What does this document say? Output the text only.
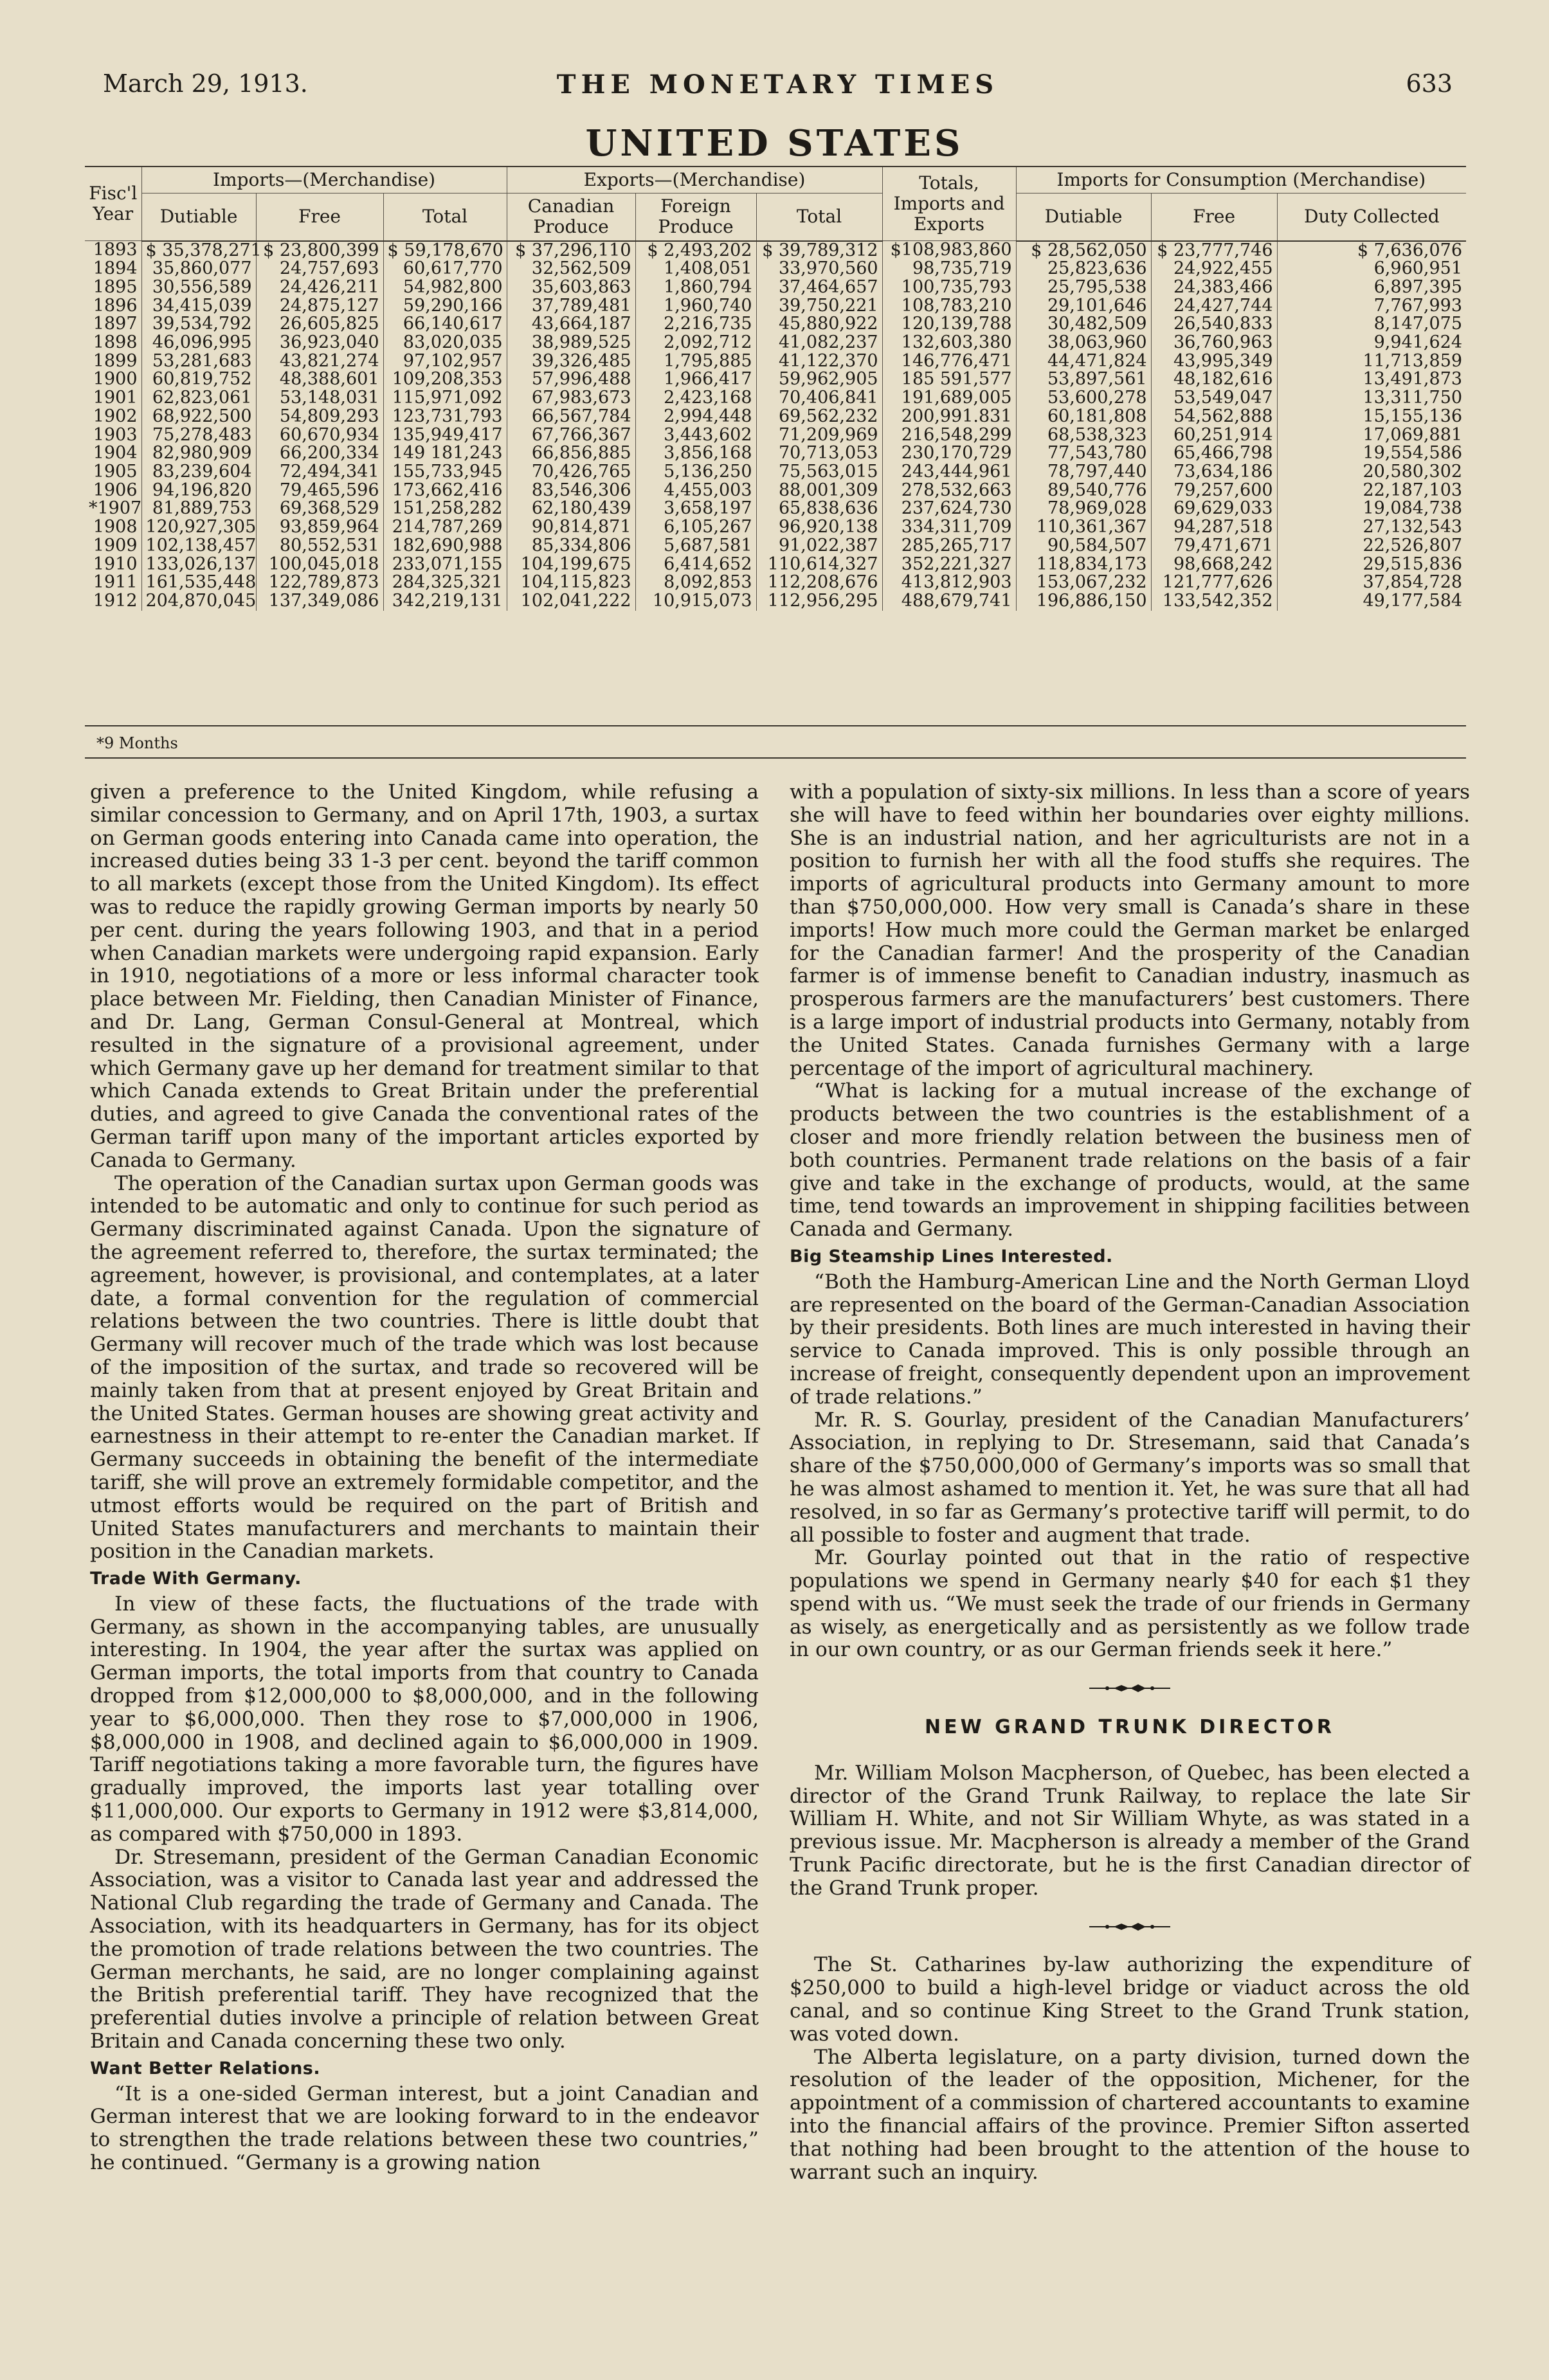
March 29, 1913.	THE MONETARY TIMES	633
UNITED STATES
Fisc'l Year	Imports—(Merchandise)			Exports—(Merchandise)			Totals, Imports and Exports	Imports for Consumption (Merchandise)		
	Dutiable	Free	Total	Canadian Produce	Foreign Produce	Total		Dutiable	Free	Duty Collected
1893	$ 35,378,271	$ 23,800,399	$ 59,178,670	$ 37,296,110	$ 2,493,202	$ 39,789,312	$108,983,860	$ 28,562,050	$ 23,777,746	$ 7,636,076
1894	35,860,077	24,757,693	60,617,770	32,562,509	1,408,051	33,970,560	98,735,719	25,823,636	24,922,455	6,960,951
1895	30,556,589	24,426,211	54,982,800	35,603,863	1,860,794	37,464,657	100,735,793	25,795,538	24,383,466	6,897,395
1896	34,415,039	24,875,127	59,290,166	37,789,481	1,960,740	39,750,221	108,783,210	29,101,646	24,427,744	7,767,993
1897	39,534,792	26,605,825	66,140,617	43,664,187	2,216,735	45,880,922	120,139,788	30,482,509	26,540,833	8,147,075
1898	46,096,995	36,923,040	83,020,035	38,989,525	2,092,712	41,082,237	132,603,380	38,063,960	36,760,963	9,941,624
1899	53,281,683	43,821,274	97,102,957	39,326,485	1,795,885	41,122,370	146,776,471	44,471,824	43,995,349	11,713,859
1900	60,819,752	48,388,601	109,208,353	57,996,488	1,966,417	59,962,905	185 591,577	53,897,561	48,182,616	13,491,873
1901	62,823,061	53,148,031	115,971,092	67,983,673	2,423,168	70,406,841	191,689,005	53,600,278	53,549,047	13,311,750
1902	68,922,500	54,809,293	123,731,793	66,567,784	2,994,448	69,562,232	200,991.831	60,181,808	54,562,888	15,155,136
1903	75,278,483	60,670,934	135,949,417	67,766,367	3,443,602	71,209,969	216,548,299	68,538,323	60,251,914	17,069,881
1904	82,980,909	66,200,334	149 181,243	66,856,885	3,856,168	70,713,053	230,170,729	77,543,780	65,466,798	19,554,586
1905	83,239,604	72,494,341	155,733,945	70,426,765	5,136,250	75,563,015	243,444,961	78,797,440	73,634,186	20,580,302
1906	94,196,820	79,465,596	173,662,416	83,546,306	4,455,003	88,001,309	278,532,663	89,540,776	79,257,600	22,187,103
*1907	81,889,753	69,368,529	151,258,282	62,180,439	3,658,197	65,838,636	237,624,730	78,969,028	69,629,033	19,084,738
1908	120,927,305	93,859,964	214,787,269	90,814,871	6,105,267	96,920,138	334,311,709	110,361,367	94,287,518	27,132,543
1909	102,138,457	80,552,531	182,690,988	85,334,806	5,687,581	91,022,387	285,265,717	90,584,507	79,471,671	22,526,807
1910	133,026,137	100,045,018	233,071,155	104,199,675	6,414,652	110,614,327	352,221,327	118,834,173	98,668,242	29,515,836
1911	161,535,448	122,789,873	284,325,321	104,115,823	8,092,853	112,208,676	413,812,903	153,067,232	121,777,626	37,854,728
1912	204,870,045	137,349,086	342,219,131	102,041,222	10,915,073	112,956,295	488,679,741	196,886,150	133,542,352	49,177,584
*9 Months

given a preference to the United Kingdom, while refusing a similar concession to Germany, and on April 17th, 1903, a surtax on German goods entering into Canada came into operation, the increased duties being 33 1-3 per cent. beyond the tariff common to all markets (except those from the United Kingdom). Its effect was to reduce the rapidly growing German imports by nearly 50 per cent. during the years following 1903, and that in a period when Canadian markets were undergoing rapid expansion. Early in 1910, negotiations of a more or less informal character took place between Mr. Fielding, then Canadian Minister of Finance, and Dr. Lang, German Consul-General at Montreal, which resulted in the signature of a provisional agreement, under which Germany gave up her demand for treatment similar to that which Canada extends to Great Britain under the preferential duties, and agreed to give Canada the conventional rates of the German tariff upon many of the important articles exported by Canada to Germany.

The operation of the Canadian surtax upon German goods was intended to be automatic and only to continue for such period as Germany discriminated against Canada. Upon the signature of the agreement referred to, therefore, the surtax terminated; the agreement, however, is provisional, and contemplates, at a later date, a formal convention for the regulation of commercial relations between the two countries. There is little doubt that Germany will recover much of the trade which was lost because of the imposition of the surtax, and trade so recovered will be mainly taken from that at present enjoyed by Great Britain and the United States. German houses are showing great activity and earnestness in their attempt to re-enter the Canadian market. If Germany succeeds in obtaining the benefit of the intermediate tariff, she will prove an extremely formidable competitor, and the utmost efforts would be required on the part of British and United States manufacturers and merchants to maintain their position in the Canadian markets.

Trade With Germany.

In view of these facts, the fluctuations of the trade with Germany, as shown in the accompanying tables, are unusually interesting. In 1904, the year after the surtax was applied on German imports, the total imports from that country to Canada dropped from $12,000,000 to $8,000,000, and in the following year to $6,000,000. Then they rose to $7,000,000 in 1906, $8,000,000 in 1908, and declined again to $6,000,000 in 1909. Tariff negotiations taking a more favorable turn, the figures have gradually improved, the imports last year totalling over $11,000,000. Our exports to Germany in 1912 were $3,814,000, as compared with $750,000 in 1893.

Dr. Stresemann, president of the German Canadian Economic Association, was a visitor to Canada last year and addressed the National Club regarding the trade of Germany and Canada. The Association, with its headquarters in Germany, has for its object the promotion of trade relations between the two countries. The German merchants, he said, are no longer complaining against the British preferential tariff. They have recognized that the preferential duties involve a principle of relation between Great Britain and Canada concerning these two only.

Want Better Relations.

“It is a one-sided German interest, but a joint Canadian and German interest that we are looking forward to in the endeavor to strengthen the trade relations between these two countries,” he continued. “Germany is a growing nation

with a population of sixty-six millions. In less than a score of years she will have to feed within her boundaries over eighty millions. She is an industrial nation, and her agriculturists are not in a position to furnish her with all the food stuffs she requires. The imports of agricultural products into Germany amount to more than $750,000,000. How very small is Canada’s share in these imports! How much more could the German market be enlarged for the Canadian farmer! And the prosperity of the Canadian farmer is of immense benefit to Canadian industry, inasmuch as prosperous farmers are the manufacturers’ best customers. There is a large import of industrial products into Germany, notably from the United States. Canada furnishes Germany with a large percentage of the import of agricultural machinery.

“What is lacking for a mutual increase of the exchange of products between the two countries is the establishment of a closer and more friendly relation between the business men of both countries. Permanent trade relations on the basis of a fair give and take in the exchange of products, would, at the same time, tend towards an improvement in shipping facilities between Canada and Germany.

Big Steamship Lines Interested.

“Both the Hamburg-American Line and the North German Lloyd are represented on the board of the German-Canadian Association by their presidents. Both lines are much interested in having their service to Canada improved. This is only possible through an increase of freight, consequently dependent upon an improvement of trade relations.”

Mr. R. S. Gourlay, president of the Canadian Manufacturers’ Association, in replying to Dr. Stresemann, said that Canada’s share of the $750,000,000 of Germany’s imports was so small that he was almost ashamed to mention it. Yet, he was sure that all had resolved, in so far as Germany’s protective tariff will permit, to do all possible to foster and augment that trade.

Mr. Gourlay pointed out that in the ratio of respective populations we spend in Germany nearly $40 for each $1 they spend with us. “We must seek the trade of our friends in Germany as wisely, as energetically and as persistently as we follow trade in our own country, or as our German friends seek it here.”

NEW GRAND TRUNK DIRECTOR

Mr. William Molson Macpherson, of Quebec, has been elected a director of the Grand Trunk Railway, to replace the late Sir William H. White, and not Sir William Whyte, as was stated in a previous issue. Mr. Macpherson is already a member of the Grand Trunk Pacific directorate, but he is the first Canadian director of the Grand Trunk proper.

The St. Catharines by-law authorizing the expenditure of $250,000 to build a high-level bridge or viaduct across the old canal, and so continue King Street to the Grand Trunk station, was voted down.

The Alberta legislature, on a party division, turned down the resolution of the leader of the opposition, Michener, for the appointment of a commission of chartered accountants to examine into the financial affairs of the province. Premier Sifton asserted that nothing had been brought to the attention of the house to warrant such an inquiry.
